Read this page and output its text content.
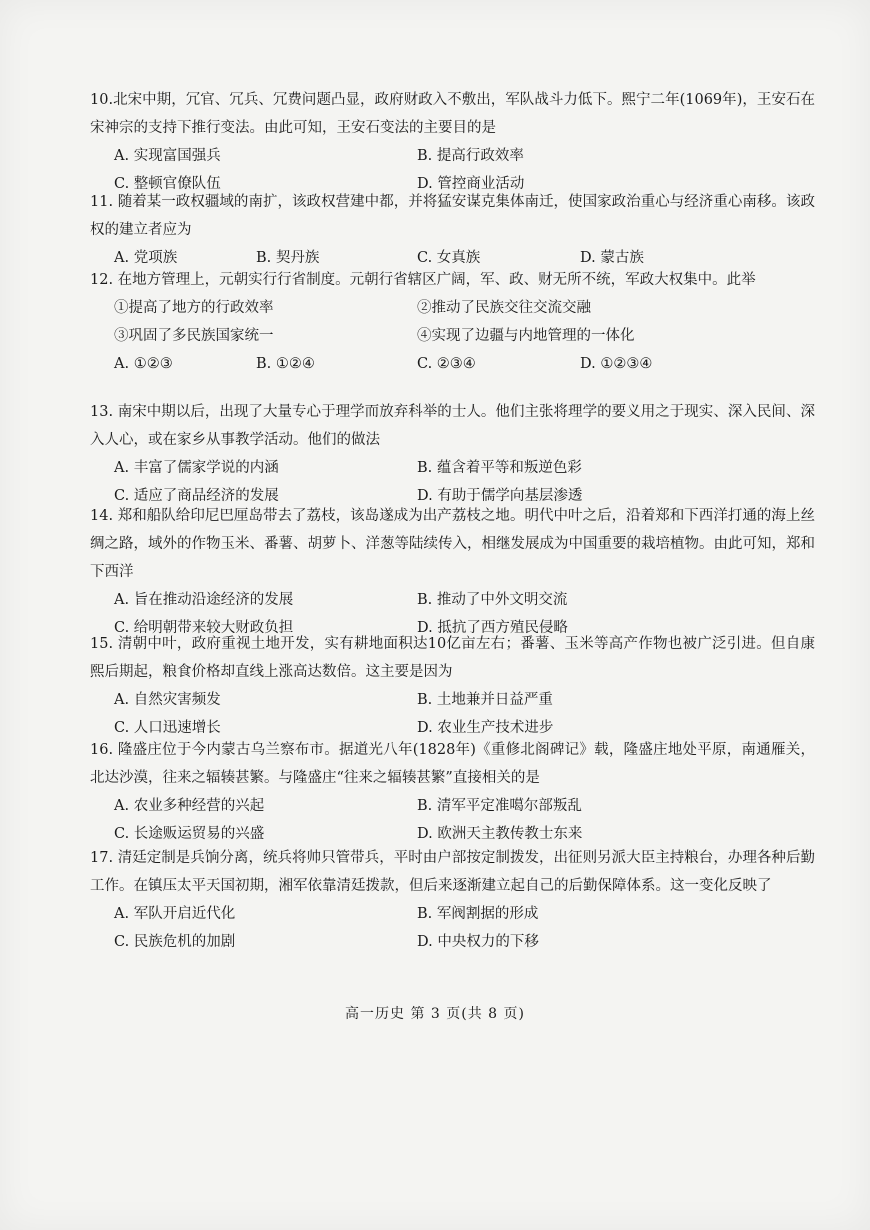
10.北宋中期，冗官、冗兵、冗费问题凸显，政府财政入不敷出，军队战斗力低下。熙宁二年(1069年)，王安石在宋神宗的支持下推行变法。由此可知，王安石变法的主要目的是

A. 实现富国强兵	B. 提高行政效率
C. 整顿官僚队伍	D. 管控商业活动

11. 随着某一政权疆域的南扩，该政权营建中都，并将猛安谋克集体南迁，使国家政治重心与经济重心南移。该政权的建立者应为

A. 党项族	B. 契丹族	C. 女真族	D. 蒙古族

12. 在地方管理上，元朝实行行省制度。元朝行省辖区广阔，军、政、财无所不统，军政大权集中。此举

①提高了地方的行政效率	②推动了民族交往交流交融
③巩固了多民族国家统一	④实现了边疆与内地管理的一体化
A. ①②③	B. ①②④	C. ②③④	D. ①②③④

13. 南宋中期以后，出现了大量专心于理学而放弃科举的士人。他们主张将理学的要义用之于现实、深入民间、深入人心，或在家乡从事教学活动。他们的做法

A. 丰富了儒家学说的内涵	B. 蕴含着平等和叛逆色彩
C. 适应了商品经济的发展	D. 有助于儒学向基层渗透

14. 郑和船队给印尼巴厘岛带去了荔枝，该岛遂成为出产荔枝之地。明代中叶之后，沿着郑和下西洋打通的海上丝绸之路，域外的作物玉米、番薯、胡萝卜、洋葱等陆续传入，相继发展成为中国重要的栽培植物。由此可知，郑和下西洋

A. 旨在推动沿途经济的发展	B. 推动了中外文明交流
C. 给明朝带来较大财政负担	D. 抵抗了西方殖民侵略

15. 清朝中叶，政府重视土地开发，实有耕地面积达10亿亩左右；番薯、玉米等高产作物也被广泛引进。但自康熙后期起，粮食价格却直线上涨高达数倍。这主要是因为

A. 自然灾害频发	B. 土地兼并日益严重
C. 人口迅速增长	D. 农业生产技术进步

16. 隆盛庄位于今内蒙古乌兰察布市。据道光八年(1828年)《重修北阁碑记》载，隆盛庄地处平原，南通雁关，北达沙漠，往来之辐辏甚繁。与隆盛庄“往来之辐辏甚繁”直接相关的是

A. 农业多种经营的兴起	B. 清军平定准噶尔部叛乱
C. 长途贩运贸易的兴盛	D. 欧洲天主教传教士东来

17. 清廷定制是兵饷分离，统兵将帅只管带兵，平时由户部按定制拨发，出征则另派大臣主持粮台，办理各种后勤工作。在镇压太平天国初期，湘军依靠清廷拨款，但后来逐渐建立起自己的后勤保障体系。这一变化反映了

A. 军队开启近代化	B. 军阀割据的形成
C. 民族危机的加剧	D. 中央权力的下移
高一历史 第 3 页(共 8 页)
